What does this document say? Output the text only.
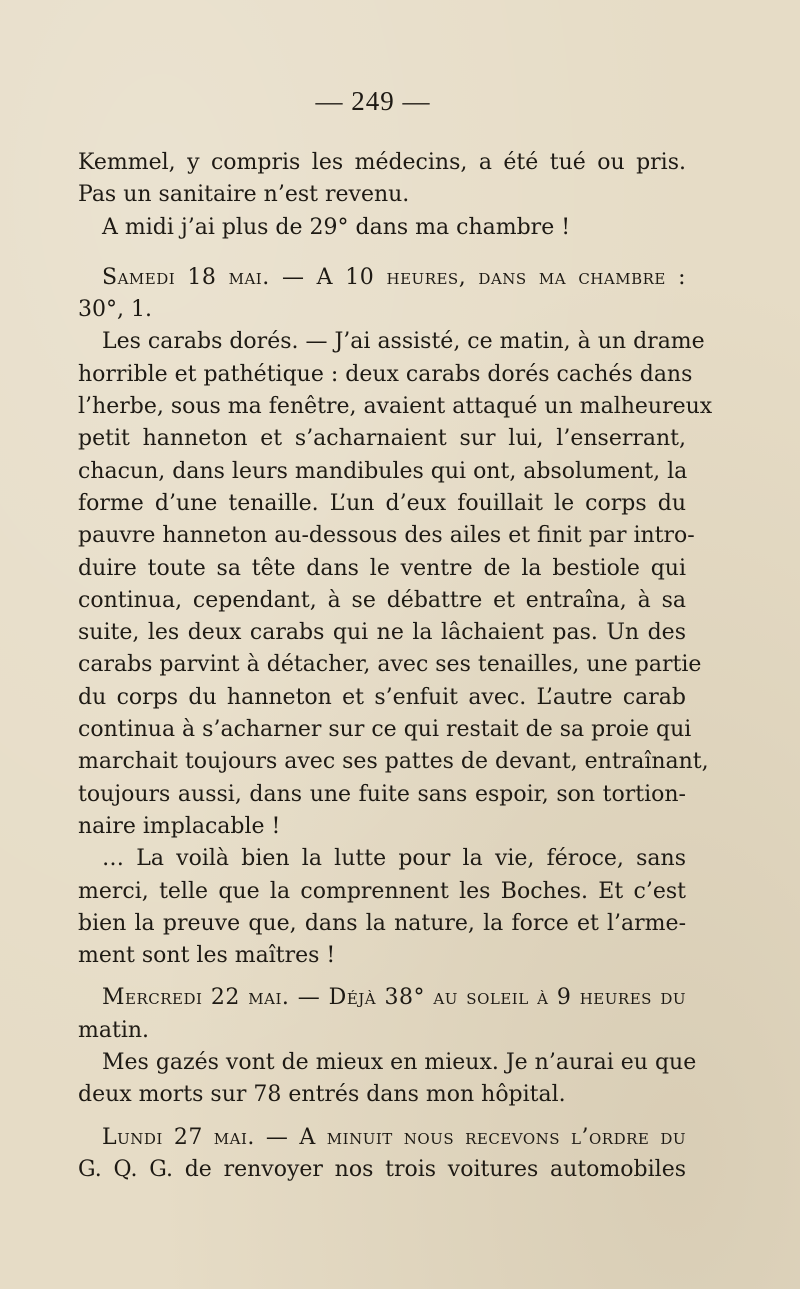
— 249 —

Kemmel, y compris les médecins, a été tué ou pris.

Pas un sanitaire n’est revenu.

A midi j’ai plus de 29° dans ma chambre !

Samedi 18 mai. — A 10 heures, dans ma chambre :

30°, 1.

Les carabs dorés. — J’ai assisté, ce matin, à un drame

horrible et pathétique : deux carabs dorés cachés dans

l’herbe, sous ma fenêtre, avaient attaqué un malheureux

petit hanneton et s’acharnaient sur lui, l’enserrant,

chacun, dans leurs mandibules qui ont, absolument, la

forme d’une tenaille. L’un d’eux fouillait le corps du

pauvre hanneton au-dessous des ailes et finit par intro-

duire toute sa tête dans le ventre de la bestiole qui

continua, cependant, à se débattre et entraîna, à sa

suite, les deux carabs qui ne la lâchaient pas. Un des

carabs parvint à détacher, avec ses tenailles, une partie

du corps du hanneton et s’enfuit avec. L’autre carab

continua à s’acharner sur ce qui restait de sa proie qui

marchait toujours avec ses pattes de devant, entraînant,

toujours aussi, dans une fuite sans espoir, son tortion-

naire implacable !

… La voilà bien la lutte pour la vie, féroce, sans

merci, telle que la comprennent les Boches. Et c’est

bien la preuve que, dans la nature, la force et l’arme-

ment sont les maîtres !

Mercredi 22 mai. — Déjà 38° au soleil à 9 heures du

matin.

Mes gazés vont de mieux en mieux. Je n’aurai eu que

deux morts sur 78 entrés dans mon hôpital.

Lundi 27 mai. — A minuit nous recevons l’ordre du

G. Q. G. de renvoyer nos trois voitures automobiles
